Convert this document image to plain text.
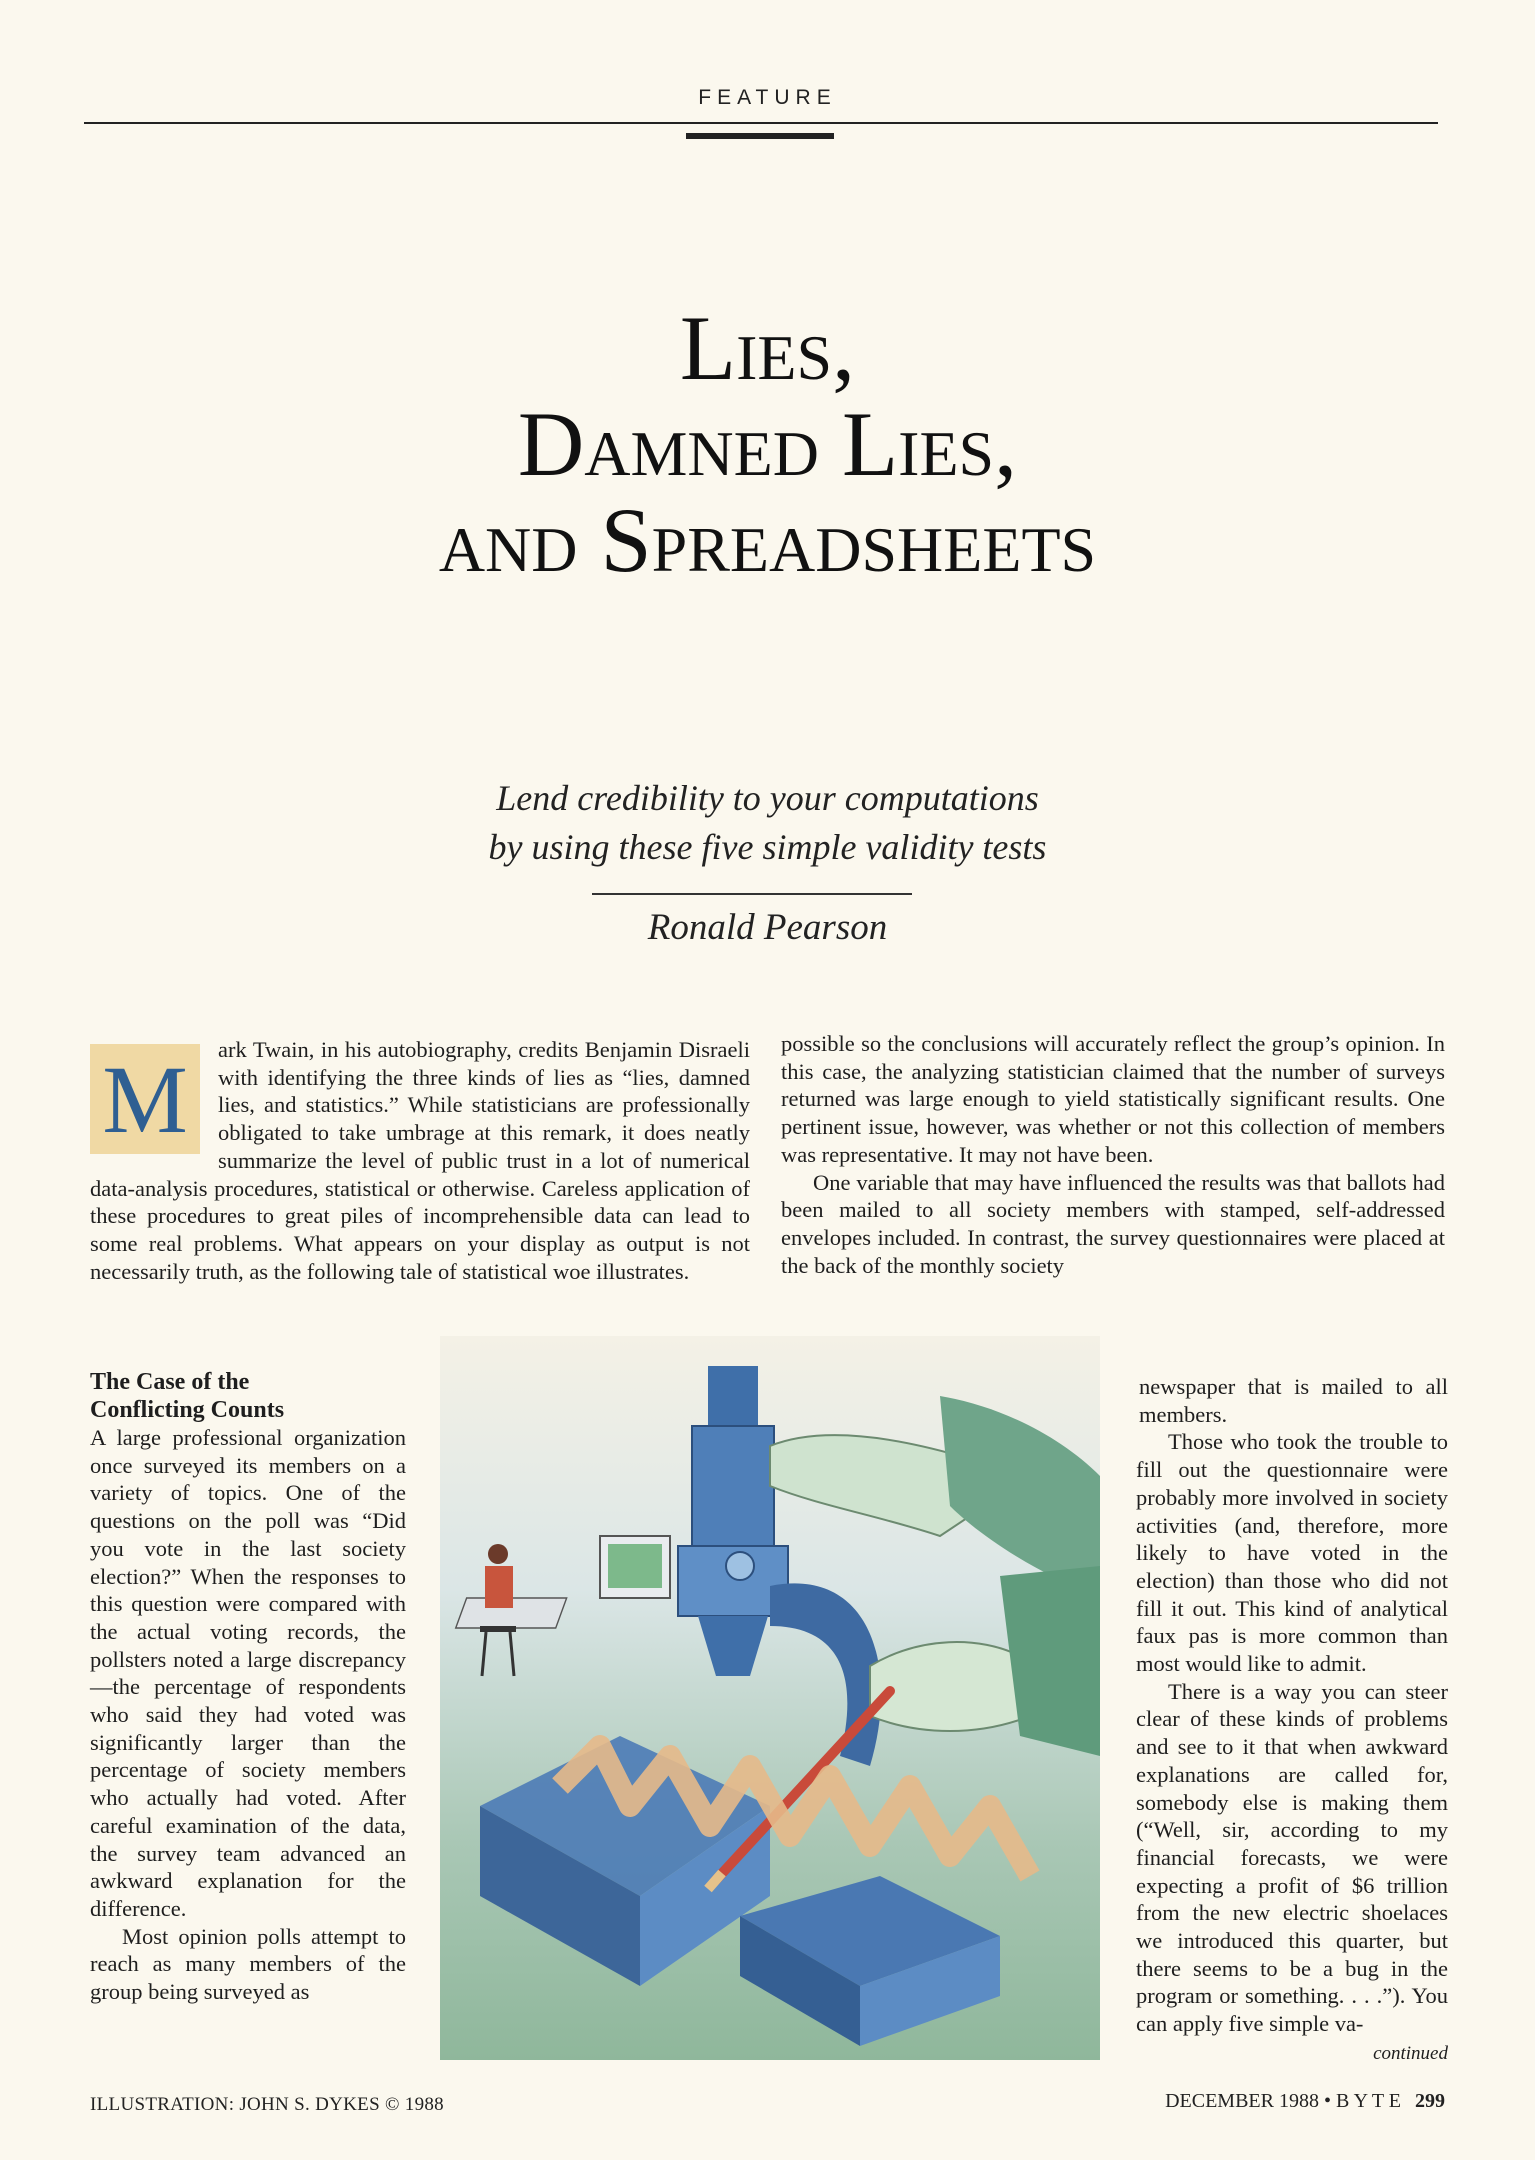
FEATURE
Lies,
Damned Lies,
and Spreadsheets
Lend credibility to your computations
by using these five simple validity tests
Ronald Pearson

M	ark Twain, in his autobiography, credits Benjamin Disraeli with identifying the three kinds of lies as “lies, damned lies, and statistics.” While statisticians are professionally obligated to take umbrage at this remark, it does neatly summarize the level of public trust in a lot of numerical data-analysis procedures, statistical or otherwise. Careless application of these procedures to great piles of incomprehensible data can lead to some real problems. What appears on your display as output is not necessarily truth, as the following tale of statistical woe illustrates.

possible so the conclusions will accurately reflect the group’s opinion. In this case, the analyzing statistician claimed that the number of surveys returned was large enough to yield statistically significant results. One pertinent issue, however, was whether or not this collection of members was representative. It may not have been.

One variable that may have influenced the results was that ballots had been mailed to all society members with stamped, self-addressed envelopes included. In contrast, the survey questionnaires were placed at the back of the monthly society

The Case of the
Conflicting Counts

A large professional organization once surveyed its members on a variety of topics. One of the questions on the poll was “Did you vote in the last society election?” When the responses to this question were compared with the actual voting records, the pollsters noted a large discrepancy—the percentage of respondents who said they had voted was significantly larger than the percentage of society members who actually had voted. After careful examination of the data, the survey team advanced an awkward explanation for the difference.

Most opinion polls attempt to reach as many members of the group being surveyed as

newspaper that is mailed to all members.

Those who took the trouble to fill out the questionnaire were probably more involved in society activities (and, therefore, more likely to have voted in the election) than those who did not fill it out. This kind of analytical faux pas is more common than most would like to admit.

There is a way you can steer clear of these kinds of problems and see to it that when awkward explanations are called for, somebody else is making them (“Well, sir, according to my financial forecasts, we were expecting a profit of $6 trillion from the new electric shoelaces we introduced this quarter, but there seems to be a bug in the program or something. . . .”). You can apply five simple va-

continued

ILLUSTRATION: JOHN S. DYKES © 1988	DECEMBER 1988 • B Y T E 299
